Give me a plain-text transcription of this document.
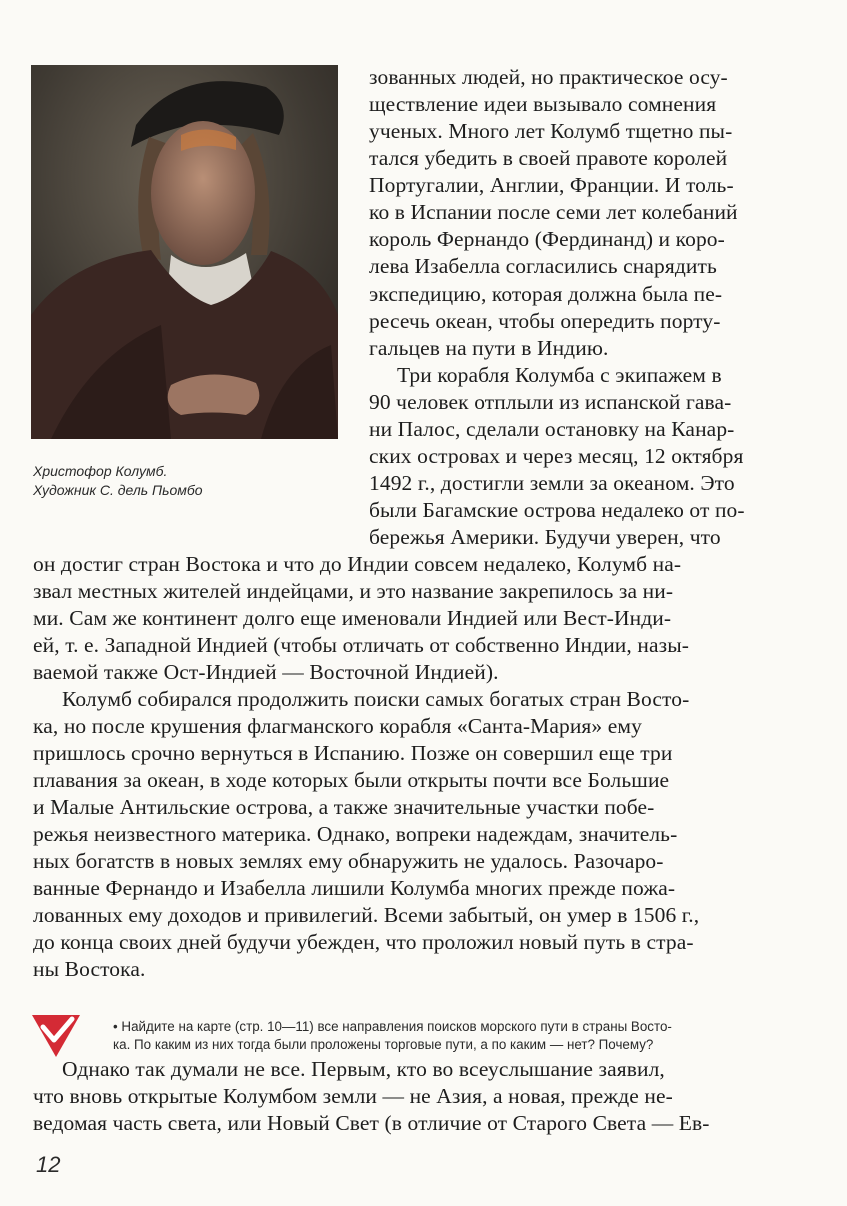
Христофор Колумб.
Художник С. дель Пьомбо
зованных людей, но практическое осу-
ществление идеи вызывало сомнения
ученых. Много лет Колумб тщетно пы-
тался убедить в своей правоте королей
Португалии, Англии, Франции. И толь-
ко в Испании после семи лет колебаний
король Фернандо (Фердинанд) и коро-
лева Изабелла согласились снарядить
экспедицию, которая должна была пе-
ресечь океан, чтобы опередить порту-
гальцев на пути в Индию.
Три корабля Колумба с экипажем в
90 человек отплыли из испанской гава-
ни Палос, сделали остановку на Канар-
ских островах и через месяц, 12 октября
1492 г., достигли земли за океаном. Это
были Багамские острова недалеко от по-
бережья Америки. Будучи уверен, что
он достиг стран Востока и что до Индии совсем недалеко, Колумб на-
звал местных жителей индейцами, и это название закрепилось за ни-
ми. Сам же континент долго еще именовали Индией или Вест-Инди-
ей, т. е. Западной Индией (чтобы отличать от собственно Индии, назы-
ваемой также Ост-Индией — Восточной Индией).
Колумб собирался продолжить поиски самых богатых стран Восто-
ка, но после крушения флагманского корабля «Санта-Мария» ему
пришлось срочно вернуться в Испанию. Позже он совершил еще три
плавания за океан, в ходе которых были открыты почти все Большие
и Малые Антильские острова, а также значительные участки побе-
режья неизвестного материка. Однако, вопреки надеждам, значитель-
ных богатств в новых землях ему обнаружить не удалось. Разочаро-
ванные Фернандо и Изабелла лишили Колумба многих прежде пожа-
лованных ему доходов и привилегий. Всеми забытый, он умер в 1506 г.,
до конца своих дней будучи убежден, что проложил новый путь в стра-
ны Востока.
• Найдите на карте (стр. 10—11) все направления поисков морского пути в страны Восто-
ка. По каким из них тогда были проложены торговые пути, а по каким — нет? Почему?
Однако так думали не все. Первым, кто во всеуслышание заявил,
что вновь открытые Колумбом земли — не Азия, а новая, прежде не-
ведомая часть света, или Новый Свет (в отличие от Старого Света — Ев-
12
